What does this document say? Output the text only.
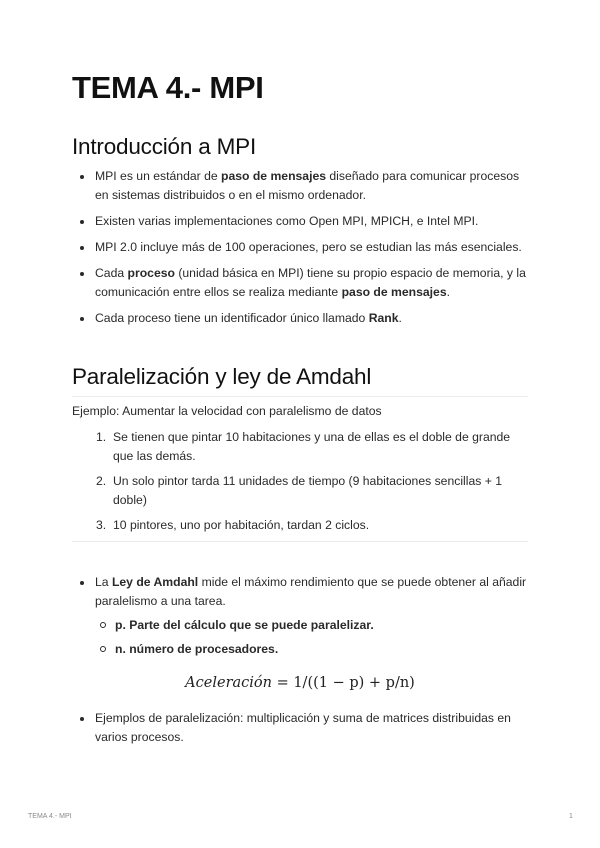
TEMA 4.- MPI
Introducción a MPI
MPI es un estándar de paso de mensajes diseñado para comunicar procesos en sistemas distribuidos o en el mismo ordenador.
Existen varias implementaciones como Open MPI, MPICH, e Intel MPI.
MPI 2.0 incluye más de 100 operaciones, pero se estudian las más esenciales.
Cada proceso (unidad básica en MPI) tiene su propio espacio de memoria, y la comunicación entre ellos se realiza mediante paso de mensajes.
Cada proceso tiene un identificador único llamado Rank.
Paralelización y ley de Amdahl
Ejemplo: Aumentar la velocidad con paralelismo de datos
1. Se tienen que pintar 10 habitaciones y una de ellas es el doble de grande que las demás.
2. Un solo pintor tarda 11 unidades de tiempo (9 habitaciones sencillas + 1 doble)
3. 10 pintores, uno por habitación, tardan 2 ciclos.
La Ley de Amdahl mide el máximo rendimiento que se puede obtener al añadir paralelismo a una tarea.
p. Parte del cálculo que se puede paralelizar.
n. número de procesadores.
Aceleración = 1/((1 − p) + p/n)
Ejemplos de paralelización: multiplicación y suma de matrices distribuidas en varios procesos.
TEMA 4.- MPI	1
